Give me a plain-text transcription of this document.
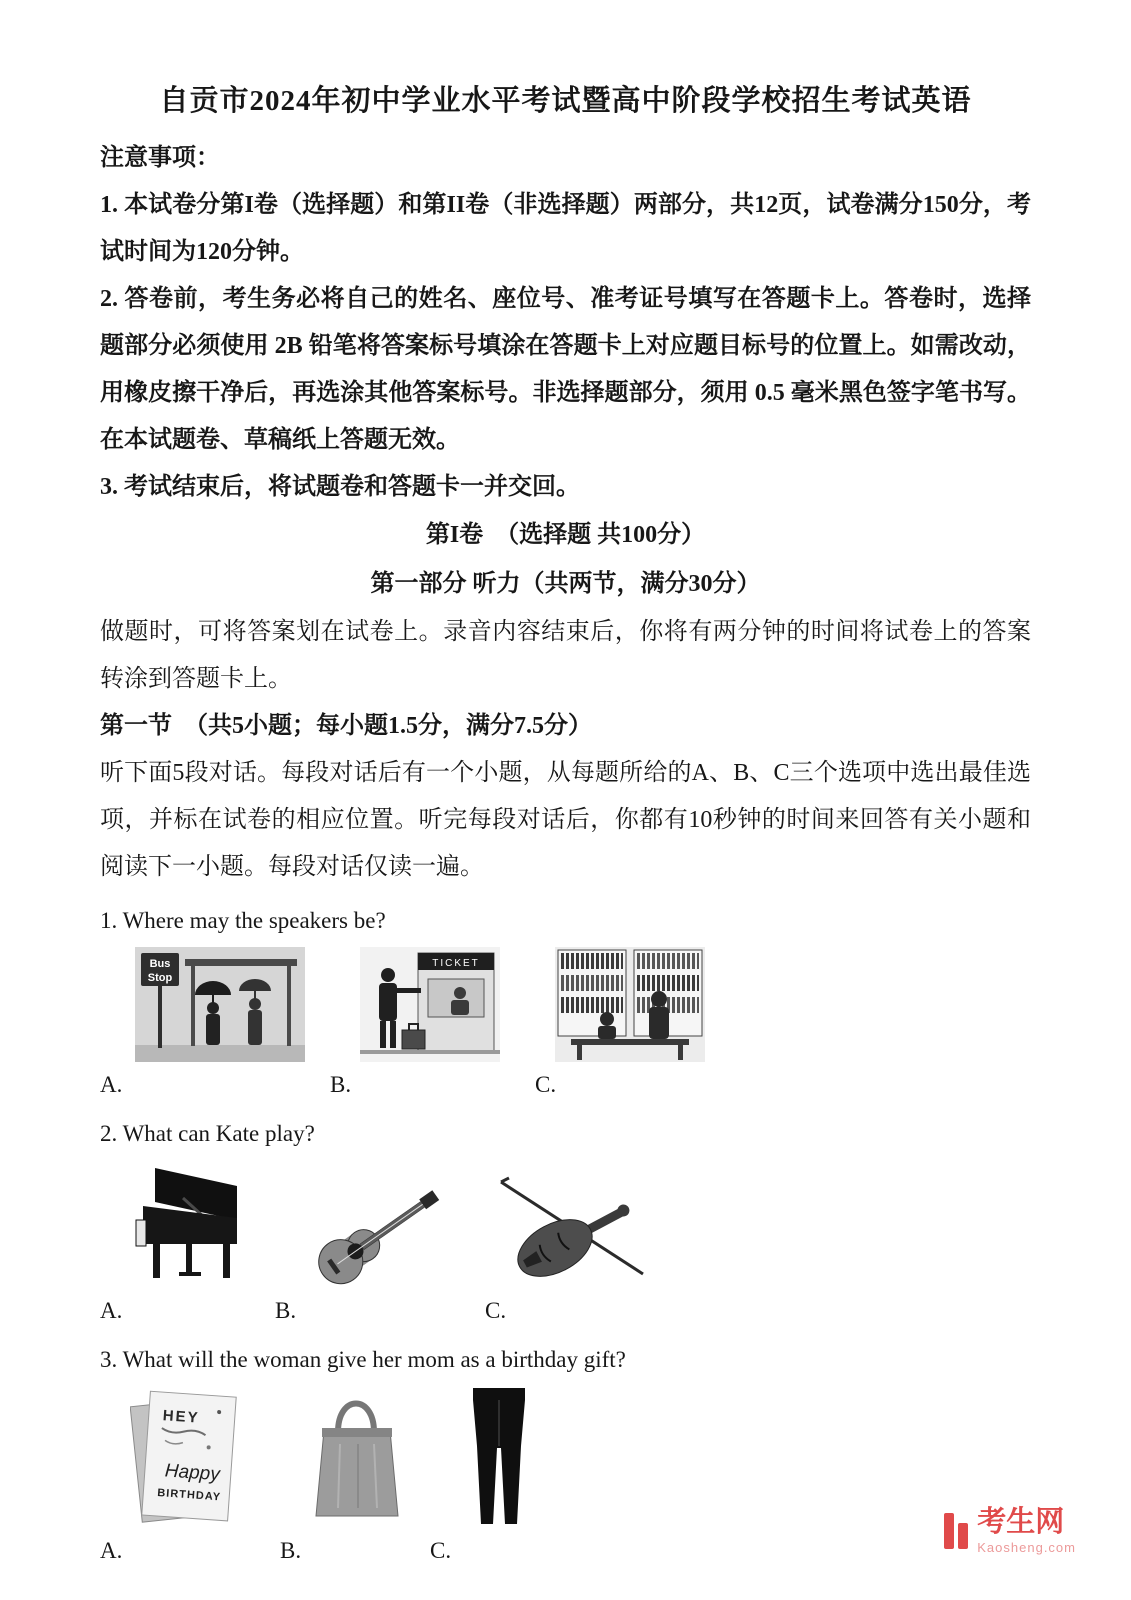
自贡市2024年初中学业水平考试暨高中阶段学校招生考试英语

注意事项：

1. 本试卷分第I卷（选择题）和第II卷（非选择题）两部分，共12页，试卷满分150分，考试时间为120分钟。

2. 答卷前，考生务必将自己的姓名、座位号、准考证号填写在答题卡上。答卷时，选择题部分必须使用 2B 铅笔将答案标号填涂在答题卡上对应题目标号的位置上。如需改动，用橡皮擦干净后，再选涂其他答案标号。非选择题部分，须用 0.5 毫米黑色签字笔书写。在本试题卷、草稿纸上答题无效。

3. 考试结束后，将试题卷和答题卡一并交回。

第I卷　（选择题 共100分）

第一部分 听力（共两节，满分30分）

做题时，可将答案划在试卷上。录音内容结束后，你将有两分钟的时间将试卷上的答案转涂到答题卡上。

第一节　（共5小题；每小题1.5分，满分7.5分）

听下面5段对话。每段对话后有一个小题，从每题所给的A、B、C三个选项中选出最佳选项，并标在试卷的相应位置。听完每段对话后，你都有10秒钟的时间来回答有关小题和阅读下一小题。每段对话仅读一遍。

1. Where may the speakers be?

Bus
Stop
A.
TICKET
B.	C.

2. What can Kate play?

A.	B.	C.

3. What will the woman give her mom as a birthday gift?

HEY
Happy
BIRTHDAY
A.	B.	C.
考生网
Kaosheng.com
